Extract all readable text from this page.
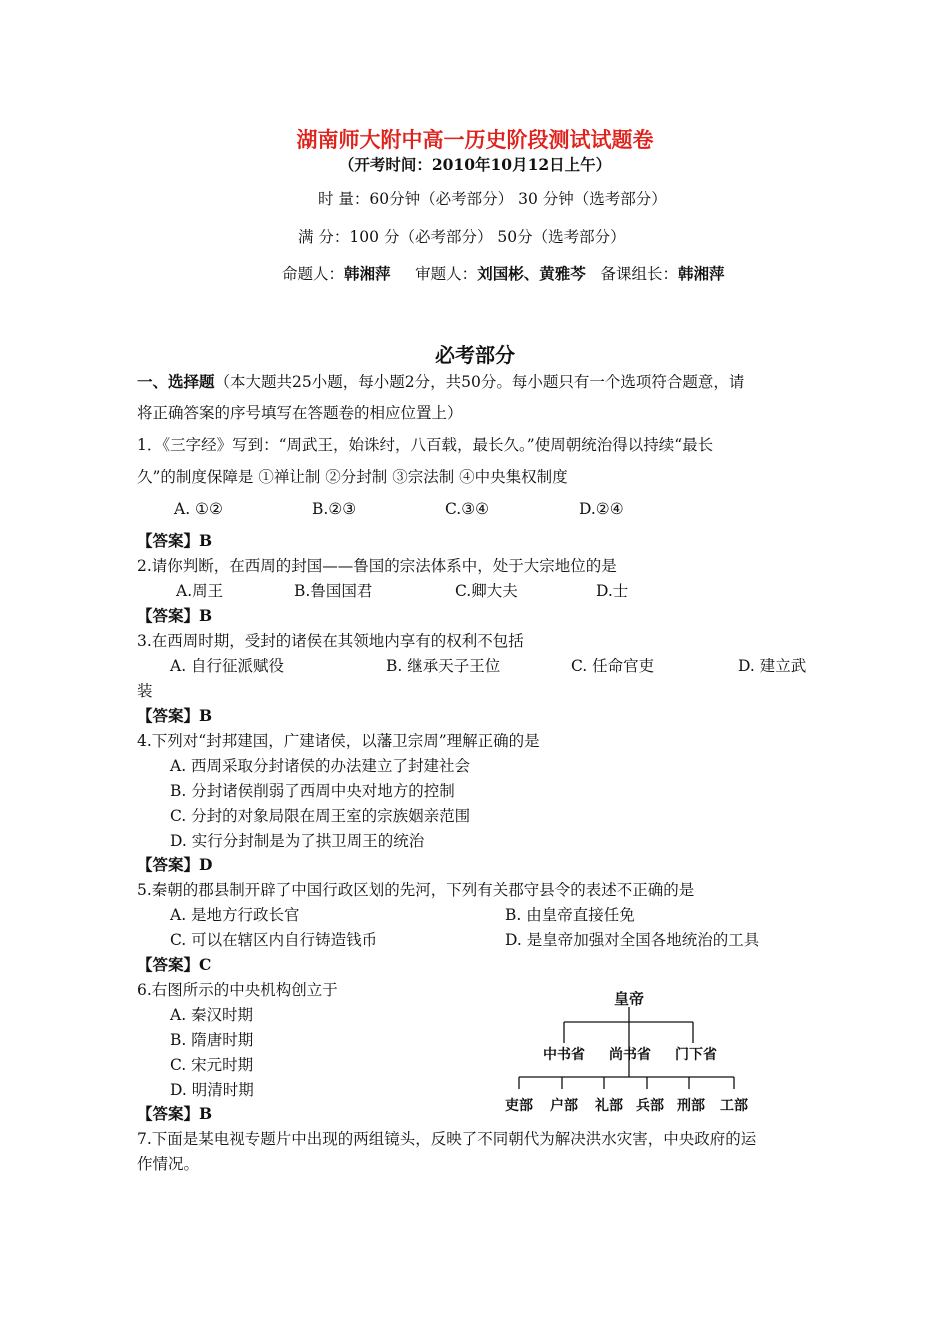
湖南师大附中高一历史阶段测试试题卷
（开考时间：2010年10月12日上午）
时 量：60分钟（必考部分） 30 分钟（选考部分）
满 分：100 分（必考部分） 50分（选考部分）
命题人：韩湘萍 审题人：刘国彬、黄雅芩 备课组长：韩湘萍
必考部分
一、选择题（本大题共25小题，每小题2分，共50分。每小题只有一个选项符合题意，请
将正确答案的序号填写在答题卷的相应位置上）
1．《三字经》写到：“周武王，始诛纣，八百载，最长久。”使周朝统治得以持续“最长
久”的制度保障是 ①禅让制 ②分封制 ③宗法制 ④中央集权制度
A. ①②	B.②③	C.③④	D.②④
【答案】B
2.请你判断，在西周的封国——鲁国的宗法体系中，处于大宗地位的是
A.周王	B.鲁国国君	C.卿大夫	D.士
【答案】B
3.在西周时期，受封的诸侯在其领地内享有的权利不包括
A. 自行征派赋役	B. 继承天子王位	C. 任命官吏	D. 建立武
装
【答案】B
4.下列对“封邦建国，广建诸侯，以藩卫宗周”理解正确的是
A. 西周采取分封诸侯的办法建立了封建社会
B. 分封诸侯削弱了西周中央对地方的控制
C. 分封的对象局限在周王室的宗族姻亲范围
D. 实行分封制是为了拱卫周王的统治
【答案】D
5.秦朝的郡县制开辟了中国行政区划的先河，下列有关郡守县令的表述不正确的是
A. 是地方行政长官	B. 由皇帝直接任免
C. 可以在辖区内自行铸造钱币	D. 是皇帝加强对全国各地统治的工具
【答案】C
6.右图所示的中央机构创立于
A. 秦汉时期
B. 隋唐时期
C. 宋元时期
D. 明清时期
【答案】B
皇帝
中书省 尚书省 门下省
吏部 户部 礼部 兵部 刑部 工部
7.下面是某电视专题片中出现的两组镜头，反映了不同朝代为解决洪水灾害，中央政府的运
作情况。
